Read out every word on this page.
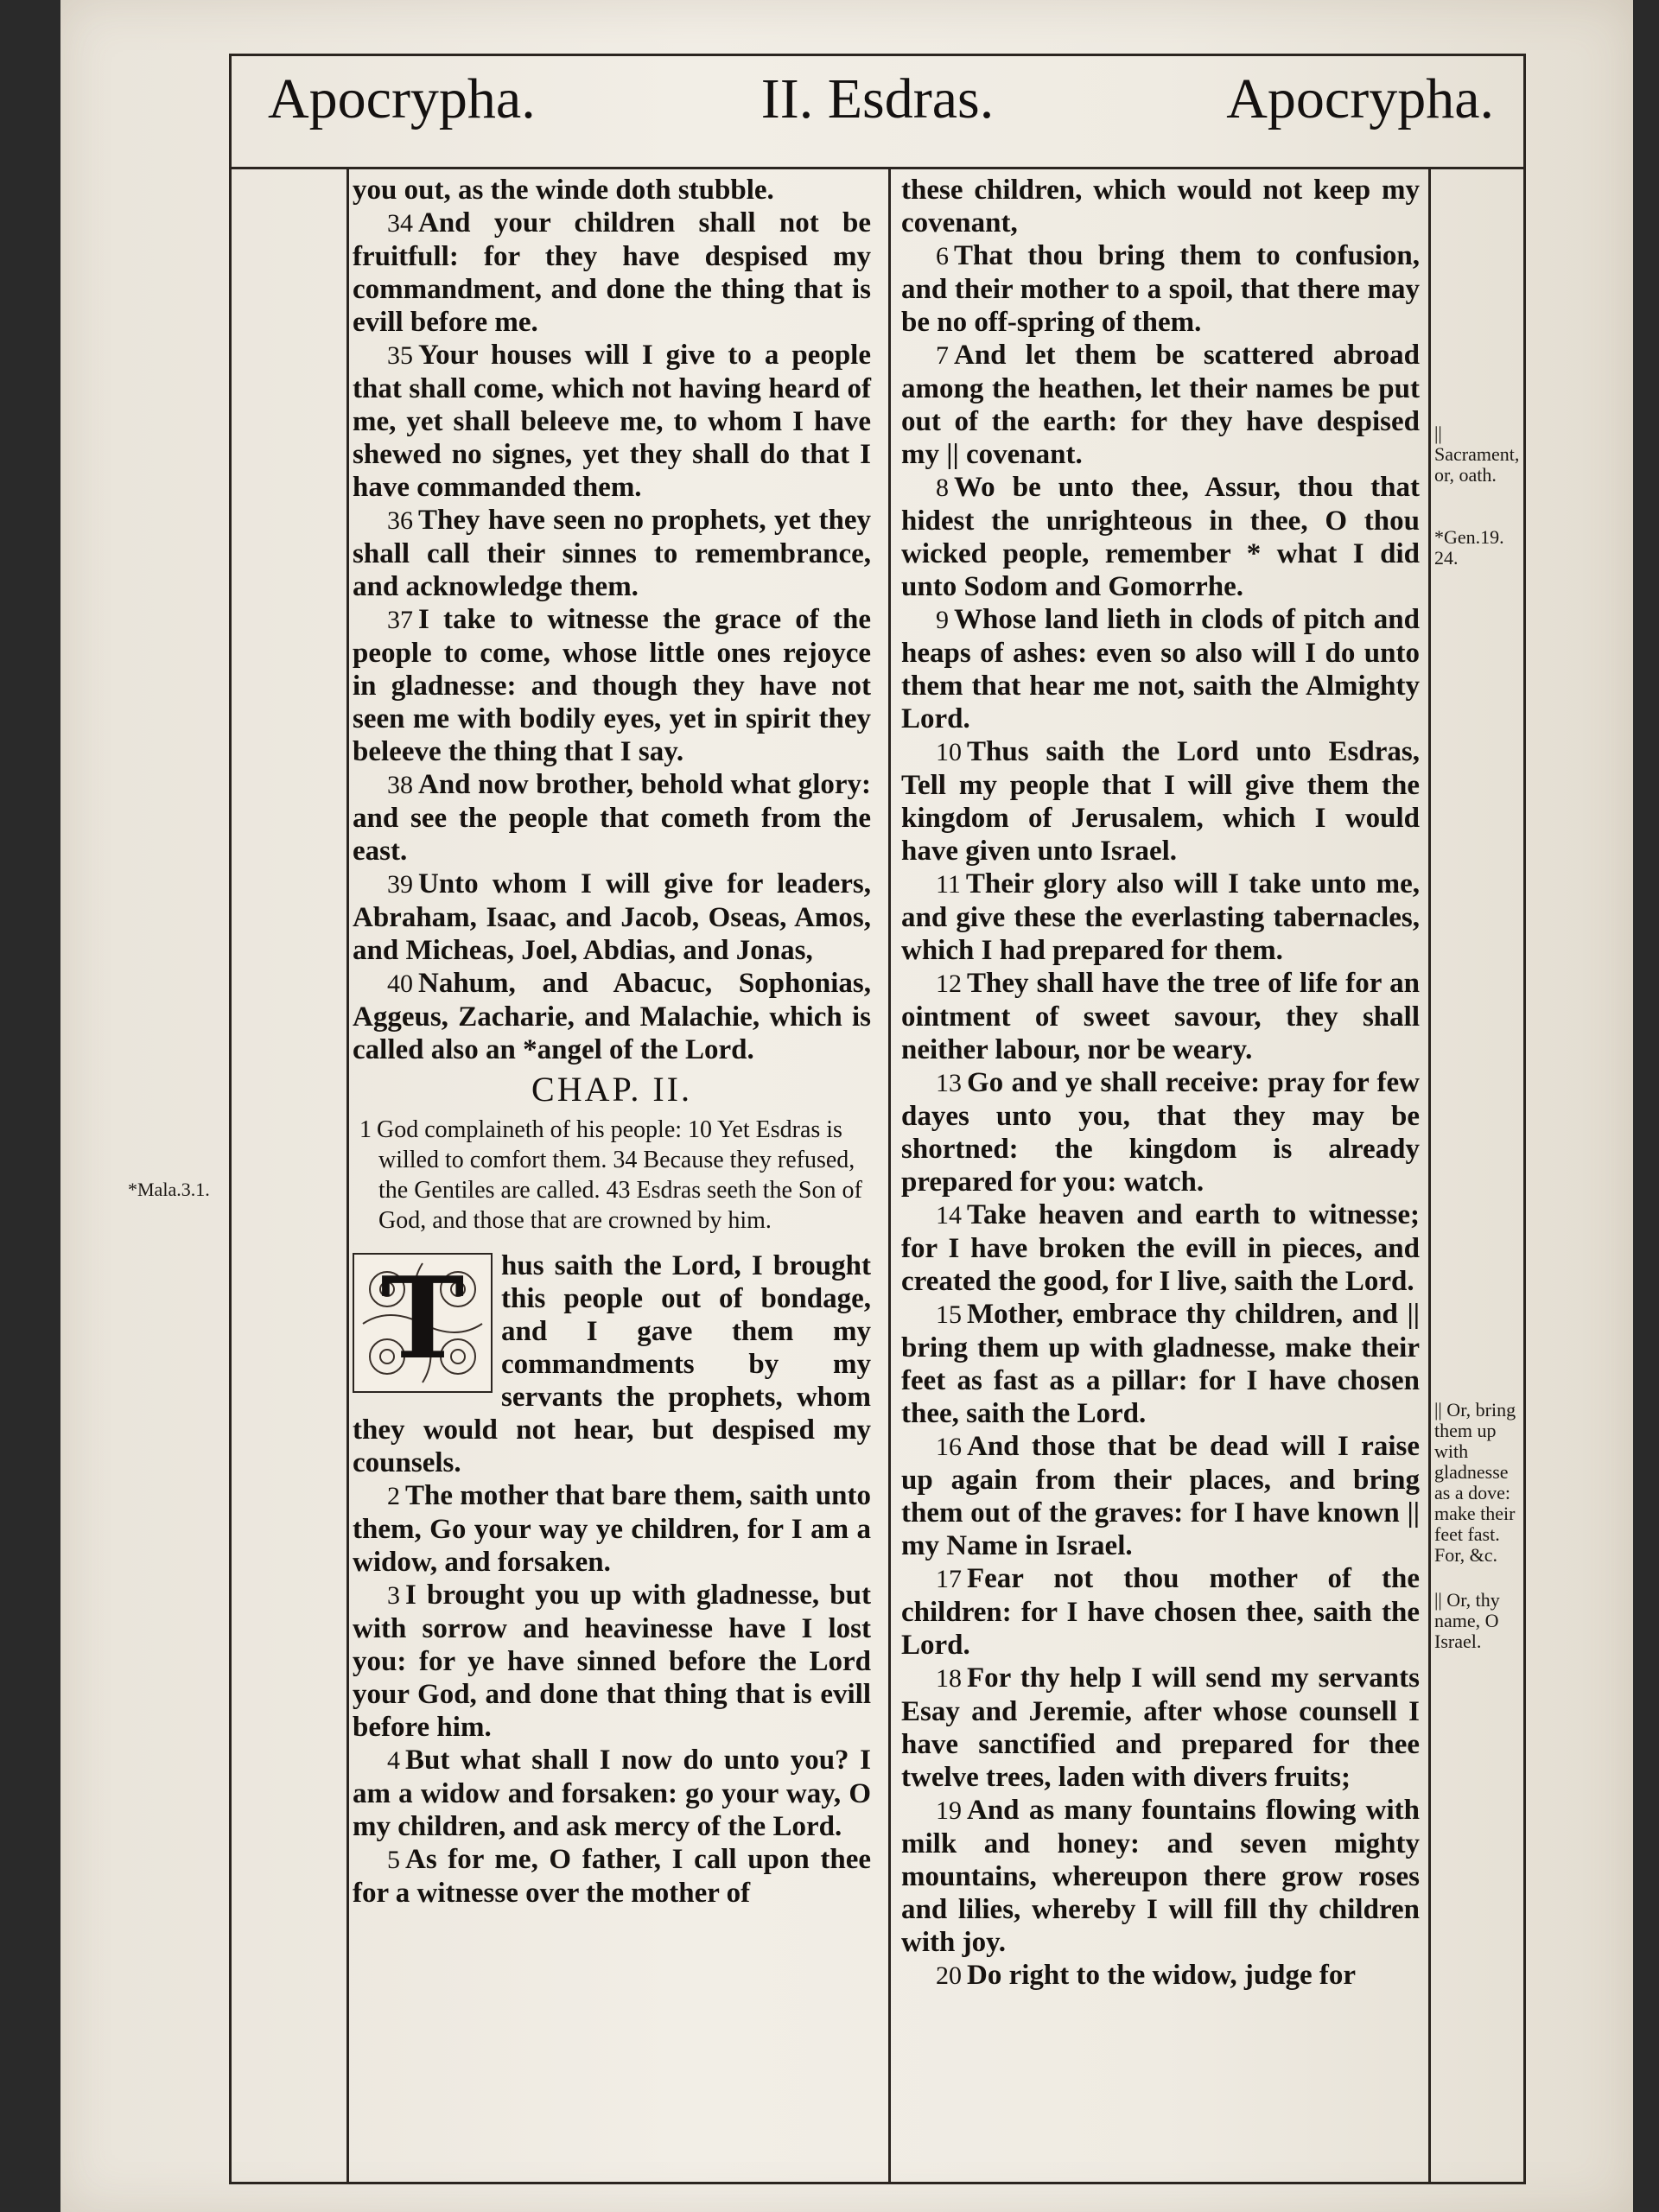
Apocrypha.	II. Esdras.	Apocrypha.
you out, as the winde doth stubble.
34 And your children shall not be fruitfull: for they have despised my commandment, and done the thing that is evill before me.
35 Your houses will I give to a people that shall come, which not having heard of me, yet shall beleeve me, to whom I have shewed no signes, yet they shall do that I have commanded them.
36 They have seen no prophets, yet they shall call their sinnes to remembrance, and acknowledge them.
37 I take to witnesse the grace of the people to come, whose little ones rejoyce in gladnesse: and though they have not seen me with bodily eyes, yet in spirit they beleeve the thing that I say.
38 And now brother, behold what glory: and see the people that cometh from the east.
39 Unto whom I will give for leaders, Abraham, Isaac, and Jacob, Oseas, Amos, and Micheas, Joel, Abdias, and Jonas,
40 Nahum, and Abacuc, Sophonias, Aggeus, Zacharie, and Malachie, which is called also an *angel of the Lord.
CHAP. II.
1 God complaineth of his people: 10 Yet Esdras is willed to comfort them. 34 Because they refused, the Gentiles are called. 43 Esdras seeth the Son of God, and those that are crowned by him.
T	hus saith the Lord, I brought this people out of bondage, and I gave them my commandments by my servants the prophets, whom they would not hear, but despised my counsels.
2 The mother that bare them, saith unto them, Go your way ye children, for I am a widow, and forsaken.
3 I brought you up with gladnesse, but with sorrow and heavinesse have I lost you: for ye have sinned before the Lord your God, and done that thing that is evill before him.
4 But what shall I now do unto you? I am a widow and forsaken: go your way, O my children, and ask mercy of the Lord.
5 As for me, O father, I call upon thee for a witnesse over the mother of
these children, which would not keep my covenant,
6 That thou bring them to confusion, and their mother to a spoil, that there may be no off-spring of them.
7 And let them be scattered abroad among the heathen, let their names be put out of the earth: for they have despised my || covenant.
8 Wo be unto thee, Assur, thou that hidest the unrighteous in thee, O thou wicked people, remember * what I did unto Sodom and Gomorrhe.
9 Whose land lieth in clods of pitch and heaps of ashes: even so also will I do unto them that hear me not, saith the Almighty Lord.
10 Thus saith the Lord unto Esdras, Tell my people that I will give them the kingdom of Jerusalem, which I would have given unto Israel.
11 Their glory also will I take unto me, and give these the everlasting tabernacles, which I had prepared for them.
12 They shall have the tree of life for an ointment of sweet savour, they shall neither labour, nor be weary.
13 Go and ye shall receive: pray for few dayes unto you, that they may be shortned: the kingdom is already prepared for you: watch.
14 Take heaven and earth to witnesse; for I have broken the evill in pieces, and created the good, for I live, saith the Lord.
15 Mother, embrace thy children, and || bring them up with gladnesse, make their feet as fast as a pillar: for I have chosen thee, saith the Lord.
16 And those that be dead will I raise up again from their places, and bring them out of the graves: for I have known || my Name in Israel.
17 Fear not thou mother of the children: for I have chosen thee, saith the Lord.
18 For thy help I will send my servants Esay and Jeremie, after whose counsell I have sanctified and prepared for thee twelve trees, laden with divers fruits;
19 And as many fountains flowing with milk and honey: and seven mighty mountains, whereupon there grow roses and lilies, whereby I will fill thy children with joy.
20 Do right to the widow, judge for
*Mala.3.1.
|| Sacrament, or, oath.
*Gen.19. 24.
|| Or, bring them up with gladnesse as a dove: make their feet fast. For, &c.
|| Or, thy name, O Israel.
